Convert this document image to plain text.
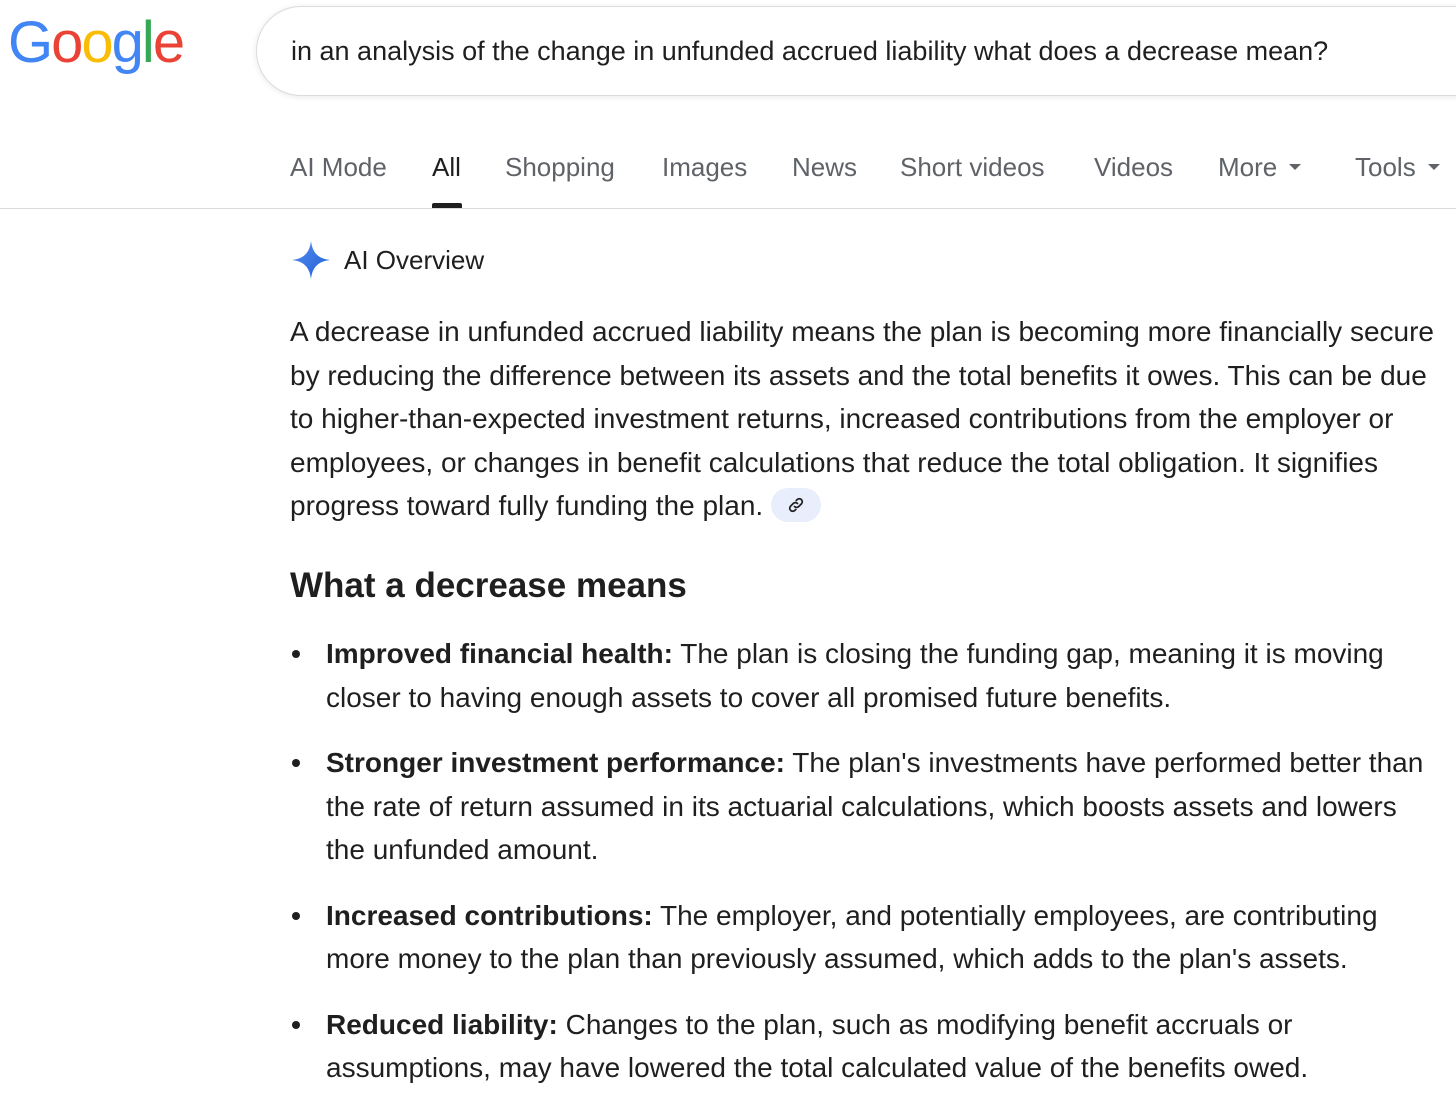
Google
in an analysis of the change in unfunded accrued liability what does a decrease mean?
AI Mode All Shopping Images News Short videos Videos More	Tools
AI Overview

A decrease in unfunded accrued liability means the plan is becoming more financially secure by reducing the difference between its assets and the total benefits it owes. This can be due to higher-than-expected investment returns, increased contributions from the employer or employees, or changes in benefit calculations that reduce the total obligation. It signifies progress toward fully funding the plan.

What a decrease means
Improved financial health: The plan is closing the funding gap, meaning it is moving closer to having enough assets to cover all promised future benefits.
Stronger investment performance: The plan's investments have performed better than the rate of return assumed in its actuarial calculations, which boosts assets and lowers the unfunded amount.
Increased contributions: The employer, and potentially employees, are contributing more money to the plan than previously assumed, which adds to the plan's assets.
Reduced liability: Changes to the plan, such as modifying benefit accruals or assumptions, may have lowered the total calculated value of the benefits owed.
